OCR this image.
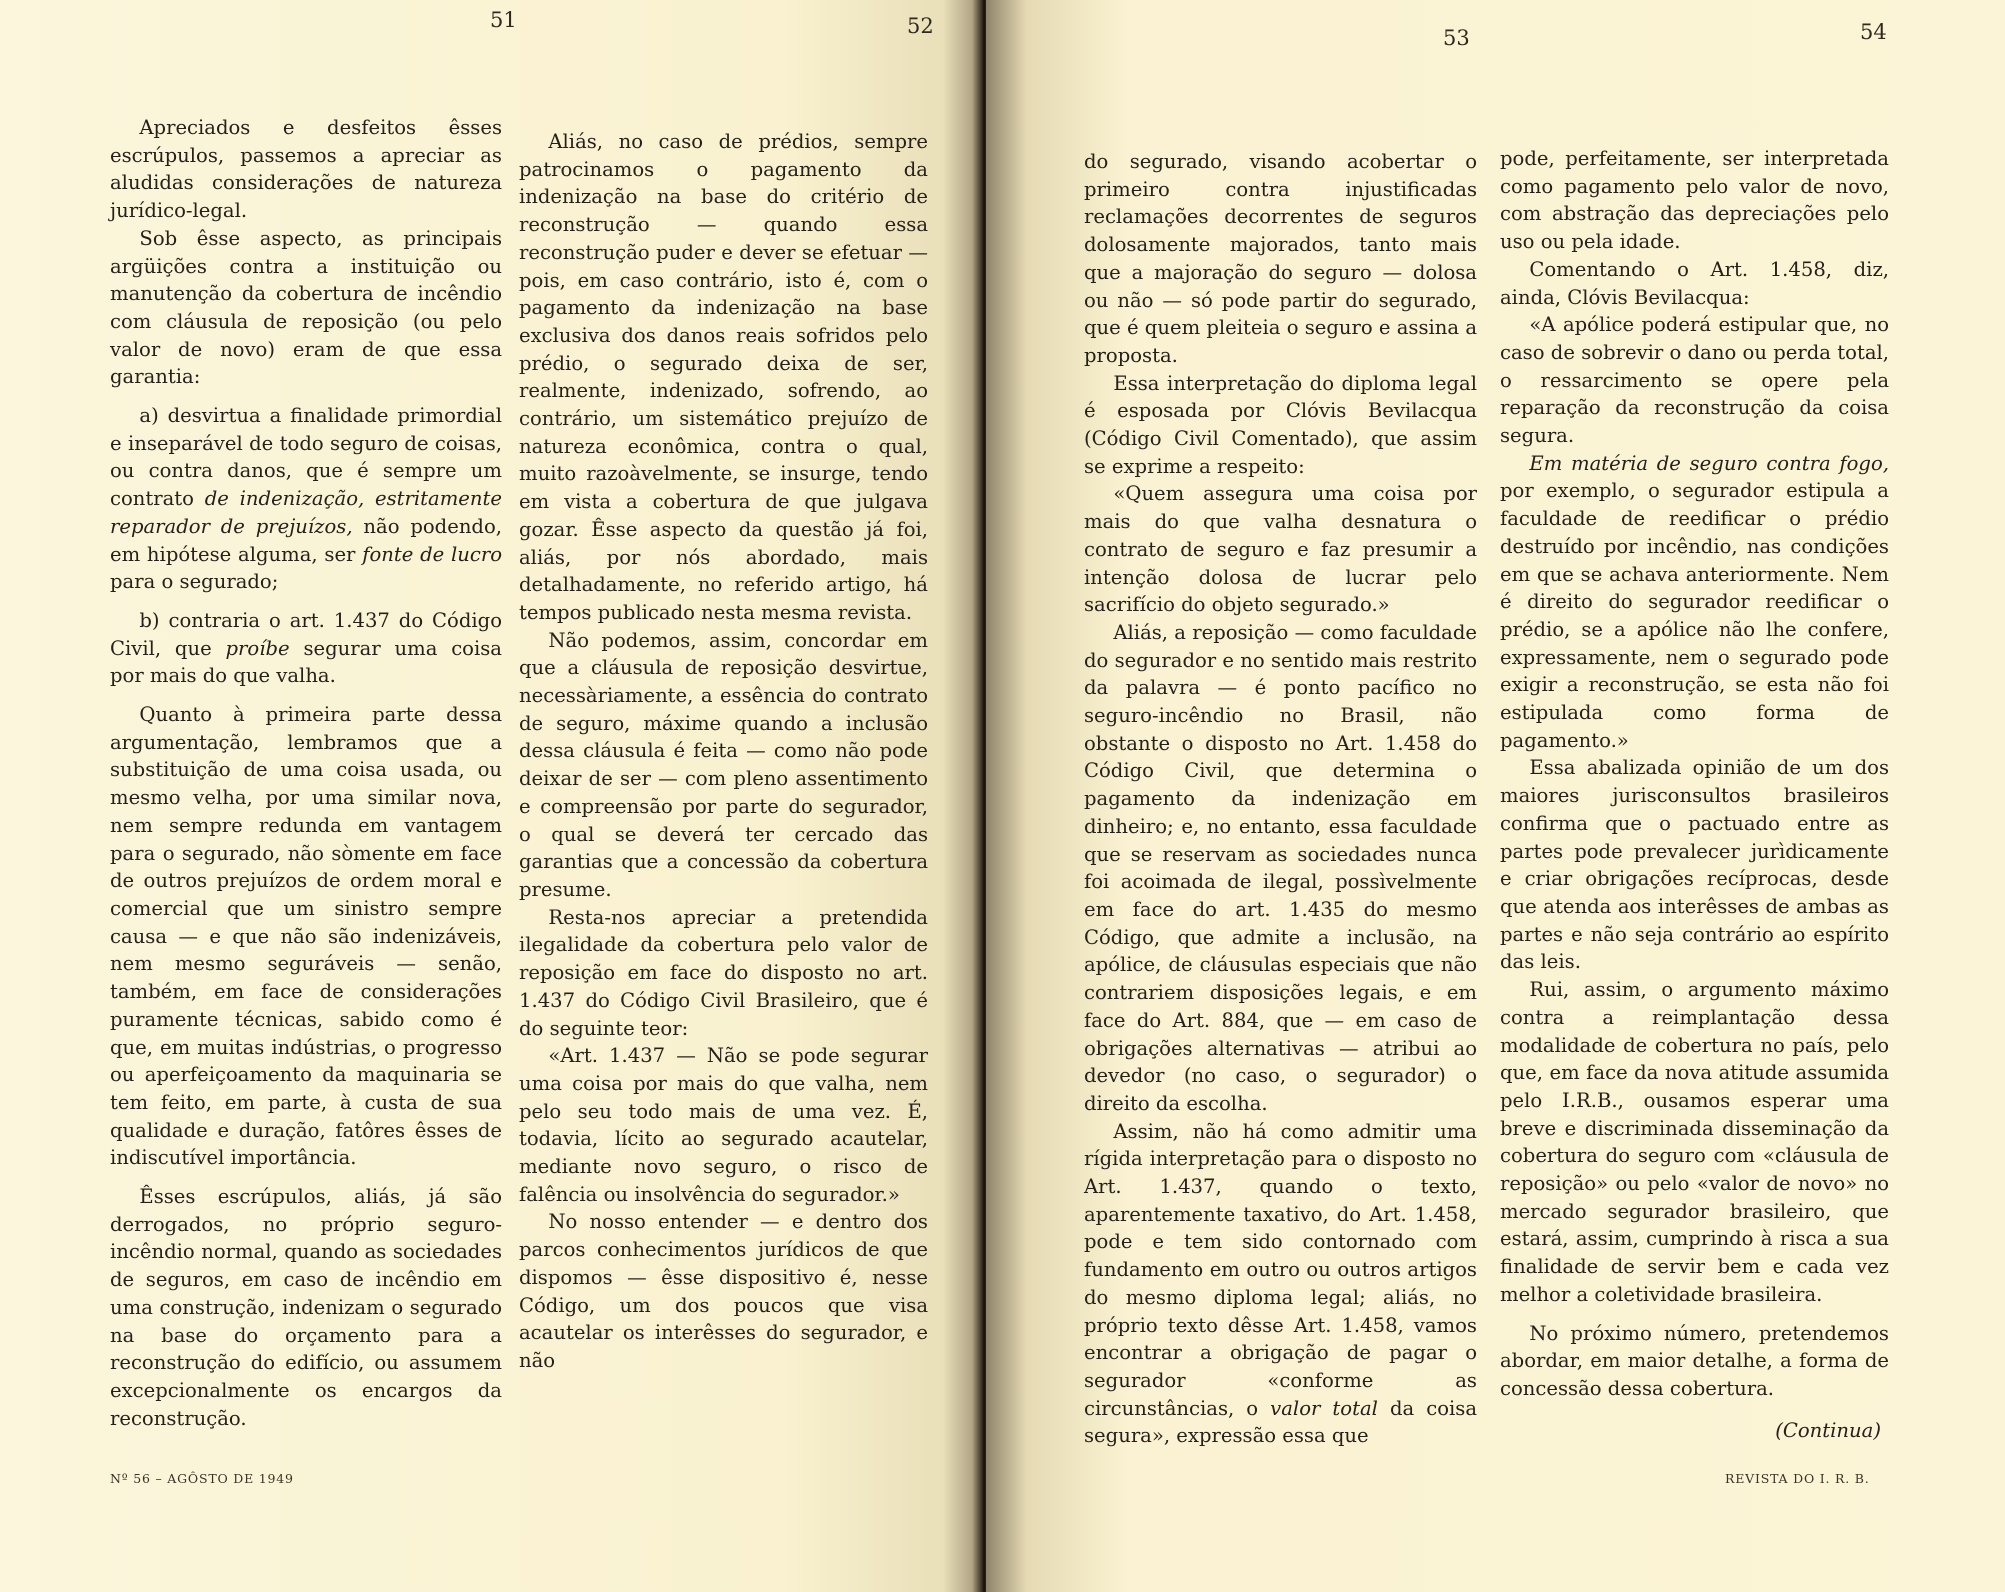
51	52

Apreciados e desfeitos êsses escrúpulos, passemos a apreciar as aludidas considerações de natureza jurídico-legal.

Sob êsse aspecto, as principais argüições contra a instituição ou manutenção da cobertura de incêndio com cláusula de reposição (ou pelo valor de novo) eram de que essa garantia:

a) desvirtua a finalidade primordial e inseparável de todo seguro de coisas, ou contra danos, que é sempre um contrato de indenização, estritamente reparador de prejuízos, não podendo, em hipótese alguma, ser fonte de lucro para o segurado;

b) contraria o art. 1.437 do Código Civil, que proíbe segurar uma coisa por mais do que valha.

Quanto à primeira parte dessa argumentação, lembramos que a substituição de uma coisa usada, ou mesmo velha, por uma similar nova, nem sempre redunda em vantagem para o segurado, não sòmente em face de outros prejuízos de ordem moral e comercial que um sinistro sempre causa — e que não são indenizáveis, nem mesmo seguráveis — senão, também, em face de considerações puramente técnicas, sabido como é que, em muitas indústrias, o progresso ou aperfeiçoamento da maquinaria se tem feito, em parte, à custa de sua qualidade e duração, fatôres êsses de indiscutível importância.

Êsses escrúpulos, aliás, já são derrogados, no próprio seguro-incêndio normal, quando as sociedades de seguros, em caso de incêndio em uma construção, indenizam o segurado na base do orçamento para a reconstrução do edifício, ou assumem excepcionalmente os encargos da reconstrução.

Aliás, no caso de prédios, sempre patrocinamos o pagamento da indenização na base do critério de reconstrução — quando essa reconstrução puder e dever se efetuar — pois, em caso contrário, isto é, com o pagamento da indenização na base exclusiva dos danos reais sofridos pelo prédio, o segurado deixa de ser, realmente, indenizado, sofrendo, ao contrário, um sistemático prejuízo de natureza econômica, contra o qual, muito razoàvelmente, se insurge, tendo em vista a cobertura de que julgava gozar. Êsse aspecto da questão já foi, aliás, por nós abordado, mais detalhadamente, no referido artigo, há tempos publicado nesta mesma revista.

Não podemos, assim, concordar em que a cláusula de reposição desvirtue, necessàriamente, a essência do contrato de seguro, máxime quando a inclusão dessa cláusula é feita — como não pode deixar de ser — com pleno assentimento e compreensão por parte do segurador, o qual se deverá ter cercado das garantias que a concessão da cobertura presume.

Resta-nos apreciar a pretendida ilegalidade da cobertura pelo valor de reposição em face do disposto no art. 1.437 do Código Civil Brasileiro, que é do seguinte teor:

«Art. 1.437 — Não se pode segurar uma coisa por mais do que valha, nem pelo seu todo mais de uma vez. É, todavia, lícito ao segurado acautelar, mediante novo seguro, o risco de falência ou insolvência do segurador.»

No nosso entender — e dentro dos parcos conhecimentos jurídicos de que dispomos — êsse dispositivo é, nesse Código, um dos poucos que visa acautelar os interêsses do segurador, e não

Nº 56 – AGÔSTO DE 1949
53	54

do segurado, visando acobertar o primeiro contra injustificadas reclamações decorrentes de seguros dolosamente majorados, tanto mais que a majoração do seguro — dolosa ou não — só pode partir do segurado, que é quem pleiteia o seguro e assina a proposta.

Essa interpretação do diploma legal é esposada por Clóvis Bevilacqua (Código Civil Comentado), que assim se exprime a respeito:

«Quem assegura uma coisa por mais do que valha desnatura o contrato de seguro e faz presumir a intenção dolosa de lucrar pelo sacrifício do objeto segurado.»

Aliás, a reposição — como faculdade do segurador e no sentido mais restrito da palavra — é ponto pacífico no seguro-incêndio no Brasil, não obstante o disposto no Art. 1.458 do Código Civil, que determina o pagamento da indenização em dinheiro; e, no entanto, essa faculdade que se reservam as sociedades nunca foi acoimada de ilegal, possìvelmente em face do art. 1.435 do mesmo Código, que admite a inclusão, na apólice, de cláusulas especiais que não contrariem disposições legais, e em face do Art. 884, que — em caso de obrigações alternativas — atribui ao devedor (no caso, o segurador) o direito da escolha.

Assim, não há como admitir uma rígida interpretação para o disposto no Art. 1.437, quando o texto, aparentemente taxativo, do Art. 1.458, pode e tem sido contornado com fundamento em outro ou outros artigos do mesmo diploma legal; aliás, no próprio texto dêsse Art. 1.458, vamos encontrar a obrigação de pagar o segurador «conforme as circunstâncias, o valor total da coisa segura», expressão essa que

pode, perfeitamente, ser interpretada como pagamento pelo valor de novo, com abstração das depreciações pelo uso ou pela idade.

Comentando o Art. 1.458, diz, ainda, Clóvis Bevilacqua:

«A apólice poderá estipular que, no caso de sobrevir o dano ou perda total, o ressarcimento se opere pela reparação da reconstrução da coisa segura.

Em matéria de seguro contra fogo, por exemplo, o segurador estipula a faculdade de reedificar o prédio destruído por incêndio, nas condições em que se achava anteriormente. Nem é direito do segurador reedificar o prédio, se a apólice não lhe confere, expressamente, nem o segurado pode exigir a reconstrução, se esta não foi estipulada como forma de pagamento.»

Essa abalizada opinião de um dos maiores jurisconsultos brasileiros confirma que o pactuado entre as partes pode prevalecer jurìdicamente e criar obrigações recíprocas, desde que atenda aos interêsses de ambas as partes e não seja contrário ao espírito das leis.

Rui, assim, o argumento máximo contra a reimplantação dessa modalidade de cobertura no país, pelo que, em face da nova atitude assumida pelo I.R.B., ousamos esperar uma breve e discriminada disseminação da cobertura do seguro com «cláusula de reposição» ou pelo «valor de novo» no mercado segurador brasileiro, que estará, assim, cumprindo à risca a sua finalidade de servir bem e cada vez melhor a coletividade brasileira.

No próximo número, pretendemos abordar, em maior detalhe, a forma de concessão dessa cobertura.

(Continua)
REVISTA DO I. R. B.
